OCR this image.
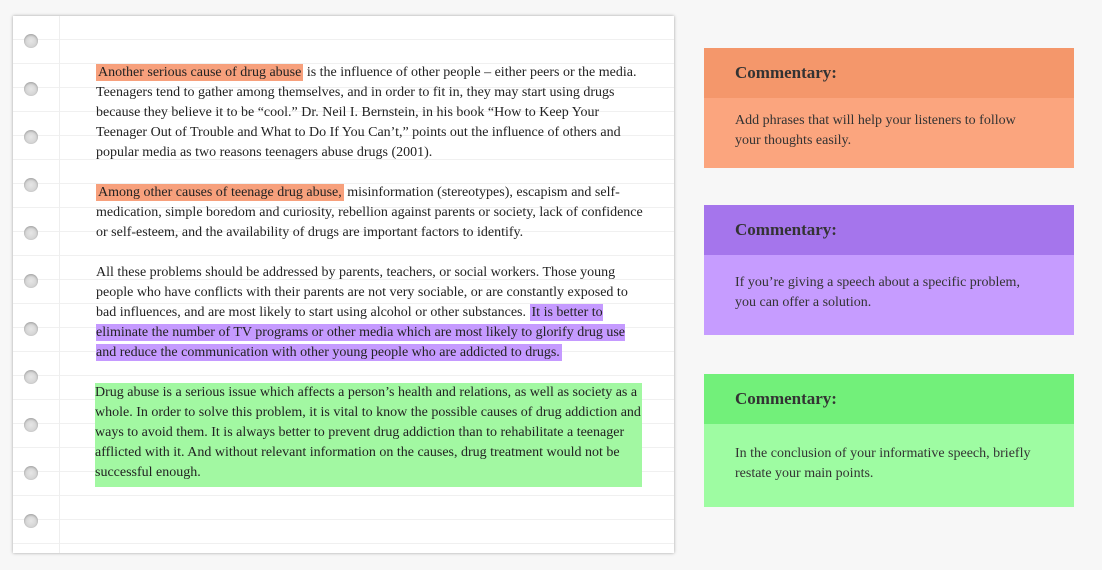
Another serious cause of drug abuse is the influence of other people – either peers or the media. Teenagers tend to gather among themselves, and in order to fit in, they may start using drugs because they believe it to be “cool.” Dr. Neil I. Bernstein, in his book “How to Keep Your Teenager Out of Trouble and What to Do If You Can’t,” points out the influence of others and popular media as two reasons teenagers abuse drugs (2001).

Among other causes of teenage drug abuse, misinformation (stereotypes), escapism and self-medication, simple boredom and curiosity, rebellion against parents or society, lack of confidence or self-esteem, and the availability of drugs are important factors to identify.

All these problems should be addressed by parents, teachers, or social workers. Those young people who have conflicts with their parents are not very sociable, or are constantly exposed to bad influences, and are most likely to start using alcohol or other substances. It is better to eliminate the number of TV programs or other media which are most likely to glorify drug use and reduce the communication with other young people who are addicted to drugs.

Drug abuse is a serious issue which affects a person’s health and relations, as well as society as a whole. In order to solve this problem, it is vital to know the possible causes of drug addiction and ways to avoid them. It is always better to prevent drug addiction than to rehabilitate a teenager afflicted with it. And without relevant information on the causes, drug treatment would not be successful enough.
Commentary:
Add phrases that will help your listeners to follow your thoughts easily.
Commentary:
If you’re giving a speech about a specific problem, you can offer a solution.
Commentary:
In the conclusion of your informative speech, briefly restate your main points.
